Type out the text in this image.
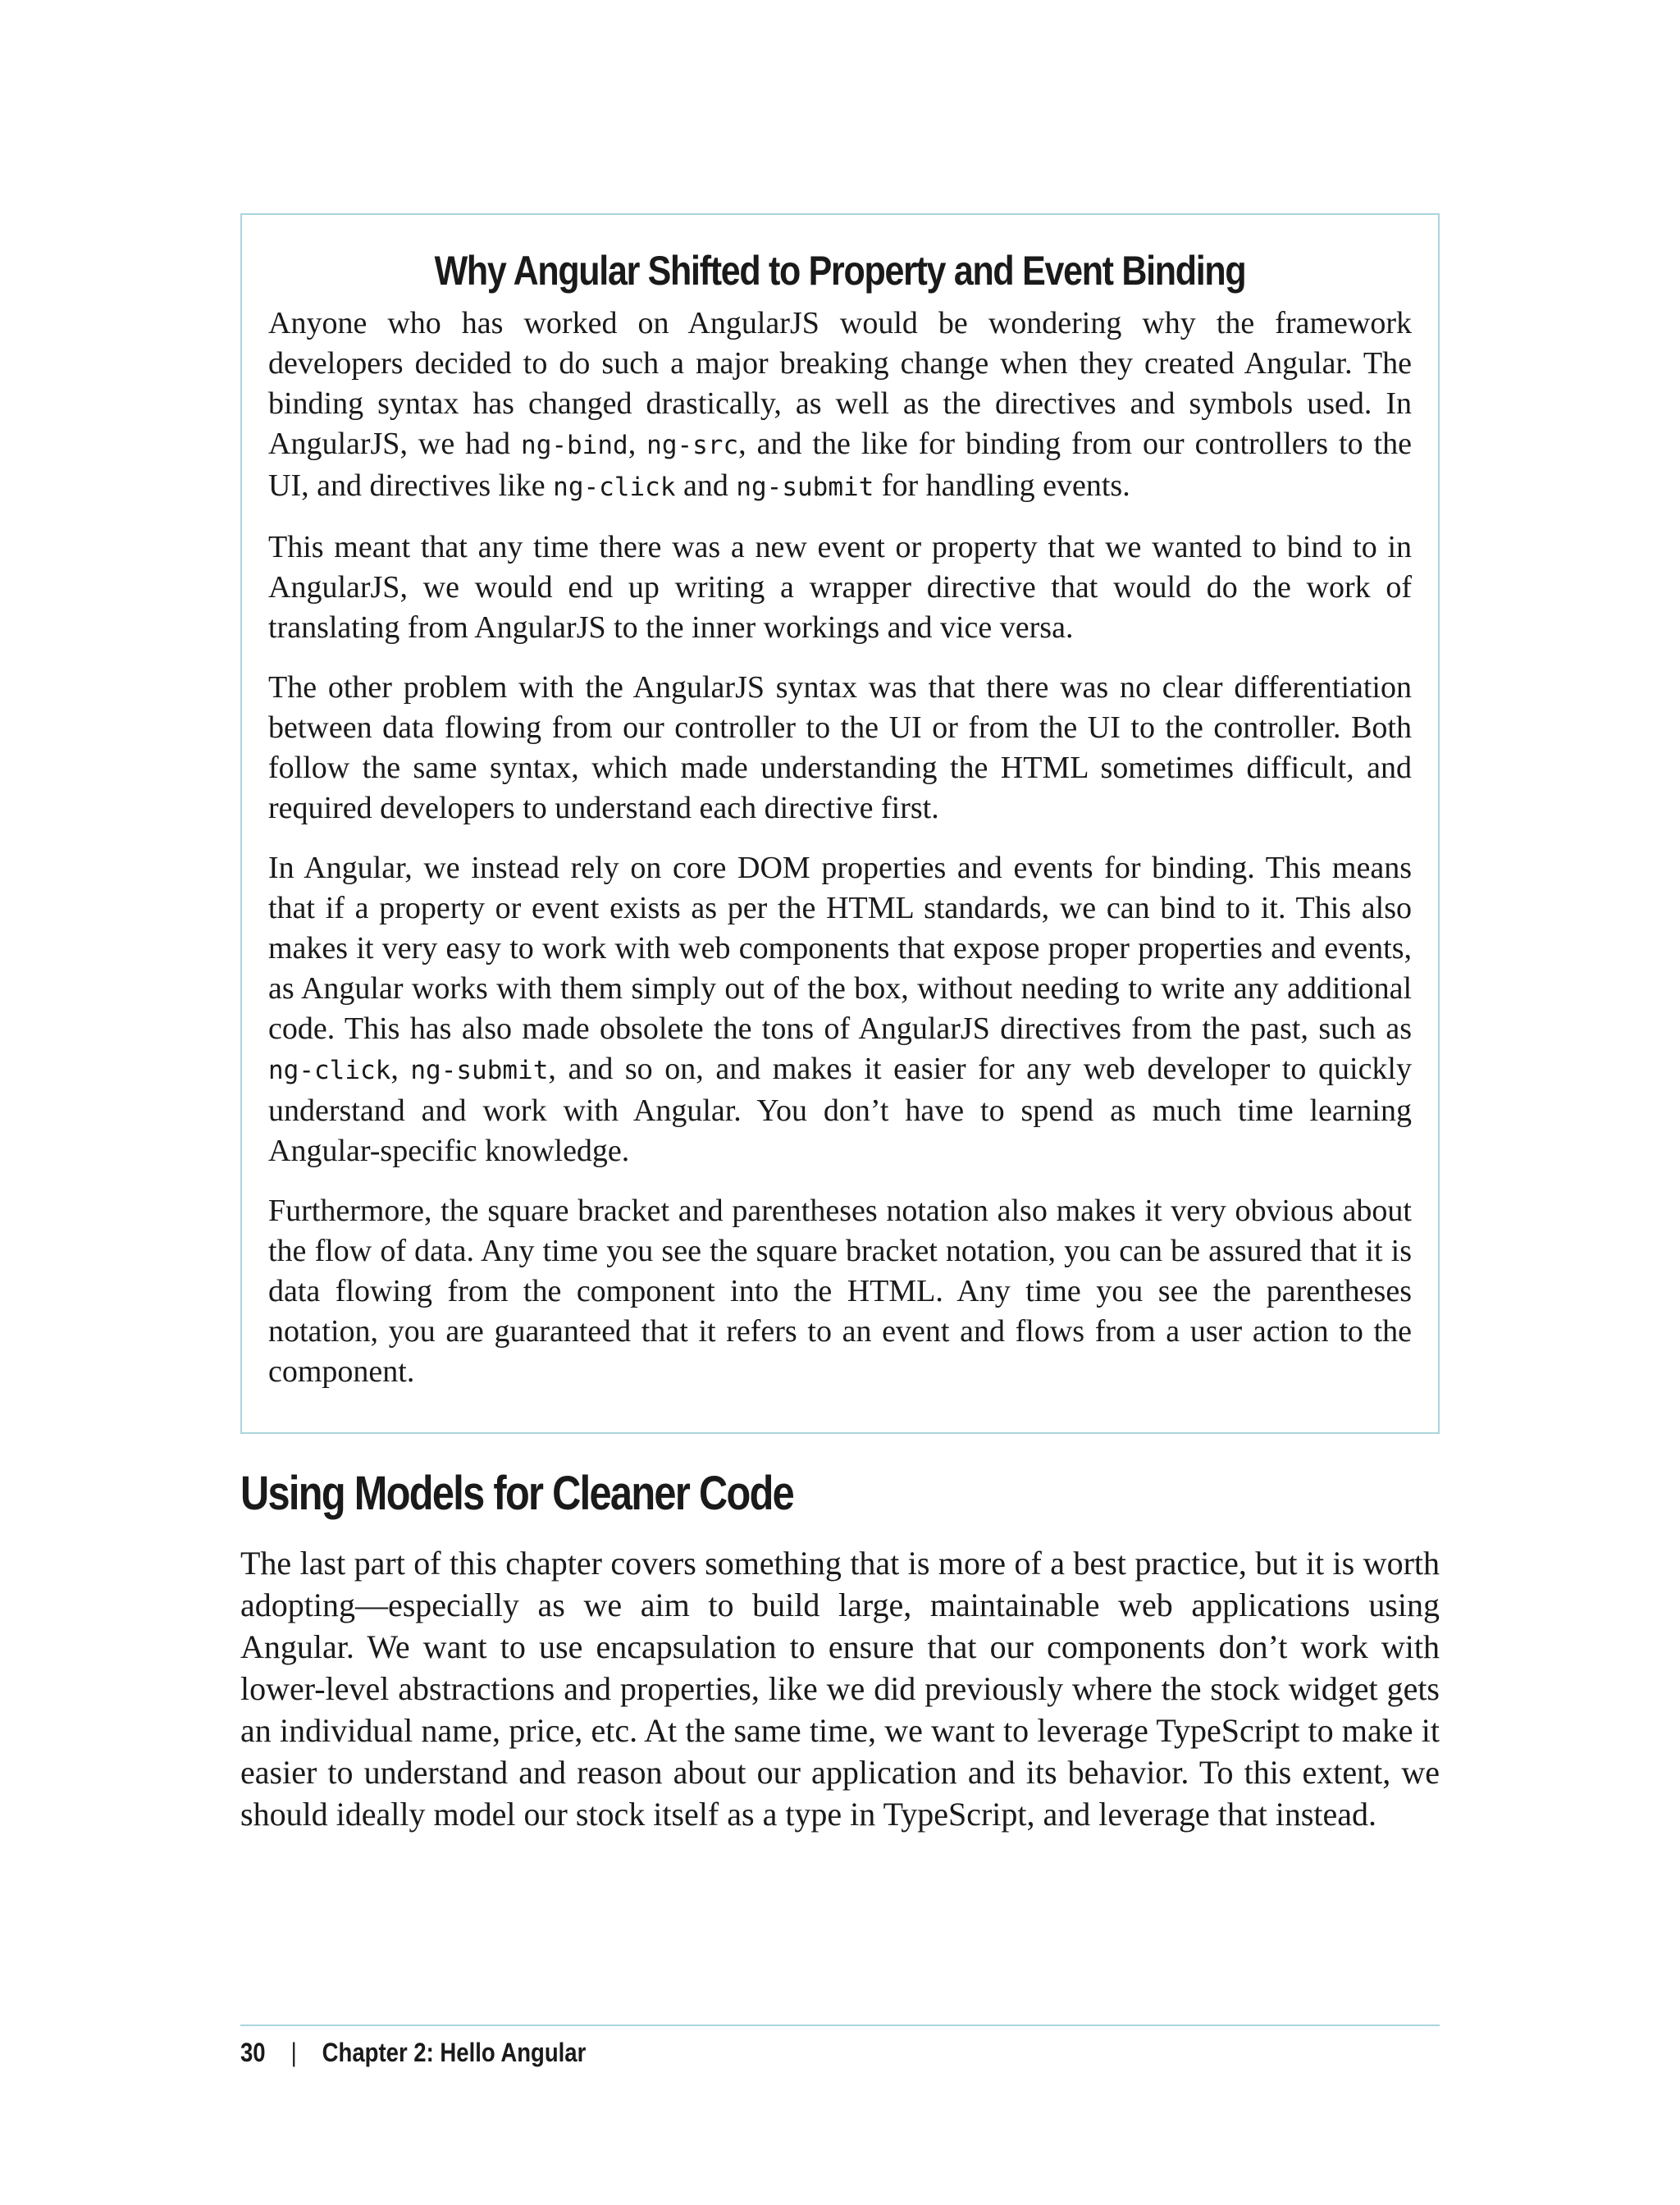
Why Angular Shifted to Property and Event Binding

Anyone who has worked on AngularJS would be wondering why the framework developers decided to do such a major breaking change when they created Angular. The binding syntax has changed drastically, as well as the directives and symbols used. In AngularJS, we had ng-bind, ng-src, and the like for binding from our controllers to the UI, and directives like ng-click and ng-submit for handling events.

This meant that any time there was a new event or property that we wanted to bind to in AngularJS, we would end up writing a wrapper directive that would do the work of translating from AngularJS to the inner workings and vice versa.

The other problem with the AngularJS syntax was that there was no clear differentiation between data flowing from our controller to the UI or from the UI to the controller. Both follow the same syntax, which made understanding the HTML sometimes difficult, and required developers to understand each directive first.

In Angular, we instead rely on core DOM properties and events for binding. This means that if a property or event exists as per the HTML standards, we can bind to it. This also makes it very easy to work with web components that expose proper properties and events, as Angular works with them simply out of the box, without needing to write any additional code. This has also made obsolete the tons of AngularJS directives from the past, such as ng-click, ng-submit, and so on, and makes it easier for any web developer to quickly understand and work with Angular. You don’t have to spend as much time learning Angular-specific knowledge.

Furthermore, the square bracket and parentheses notation also makes it very obvious about the flow of data. Any time you see the square bracket notation, you can be assured that it is data flowing from the component into the HTML. Any time you see the parentheses notation, you are guaranteed that it refers to an event and flows from a user action to the component.

Using Models for Cleaner Code

The last part of this chapter covers something that is more of a best practice, but it is worth adopting—especially as we aim to build large, maintainable web applications using Angular. We want to use encapsulation to ensure that our components don’t work with lower-level abstractions and properties, like we did previously where the stock widget gets an individual name, price, etc. At the same time, we want to leverage TypeScript to make it easier to understand and reason about our application and its behavior. To this extent, we should ideally model our stock itself as a type in TypeScript, and leverage that instead.

30 | Chapter 2: Hello Angular
